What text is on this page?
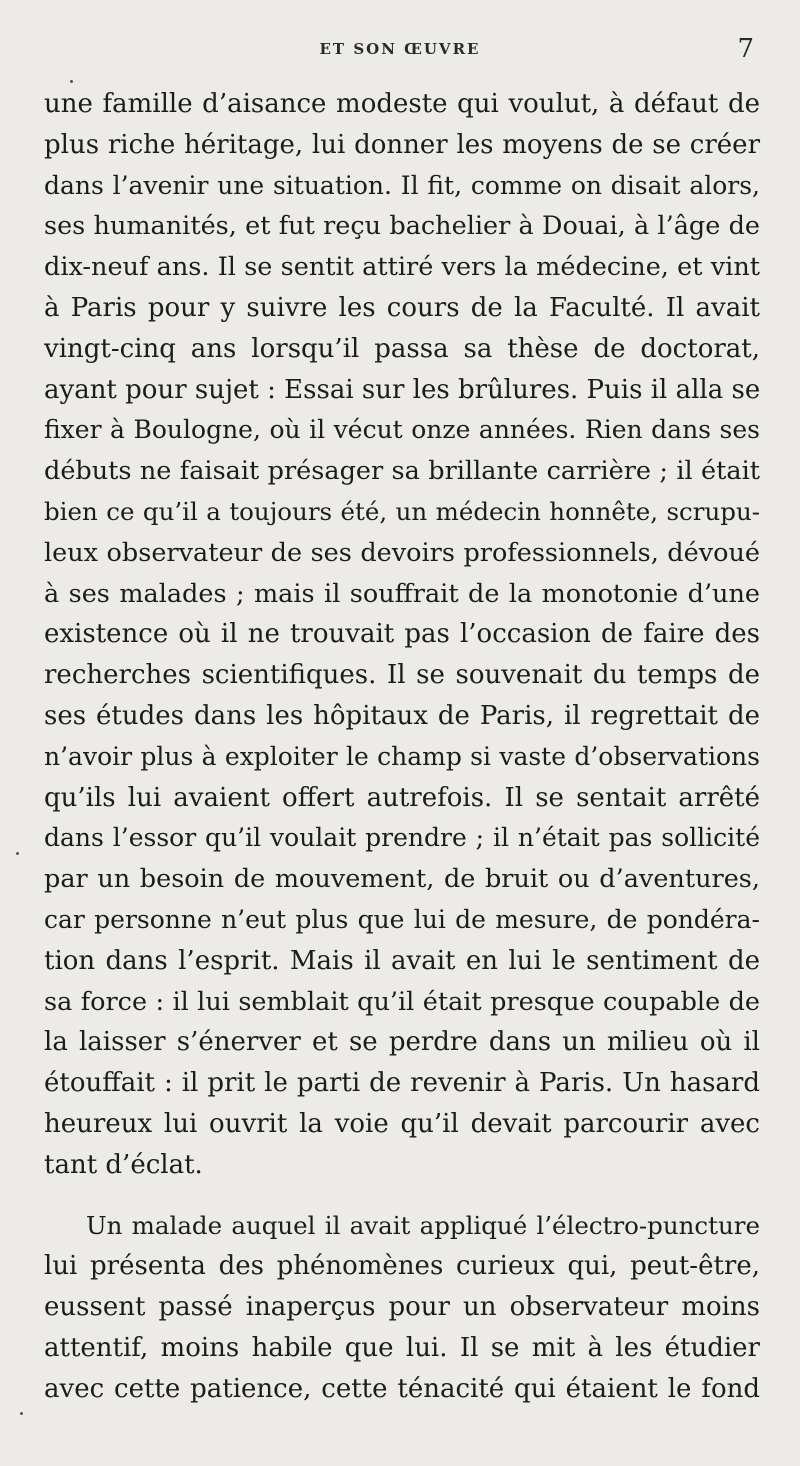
ET SON ŒUVRE	7
une famille d’aisance modeste qui voulut, à défaut de
plus riche héritage, lui donner les moyens de se créer
dans l’avenir une situation. Il fit, comme on disait alors,
ses humanités, et fut reçu bachelier à Douai, à l’âge de
dix-neuf ans. Il se sentit attiré vers la médecine, et vint
à Paris pour y suivre les cours de la Faculté. Il avait
vingt-cinq ans lorsqu’il passa sa thèse de doctorat,
ayant pour sujet : Essai sur les brûlures. Puis il alla se
fixer à Boulogne, où il vécut onze années. Rien dans ses
débuts ne faisait présager sa brillante carrière ; il était
bien ce qu’il a toujours été, un médecin honnête, scrupu-
leux observateur de ses devoirs professionnels, dévoué
à ses malades ; mais il souffrait de la monotonie d’une
existence où il ne trouvait pas l’occasion de faire des
recherches scientifiques. Il se souvenait du temps de
ses études dans les hôpitaux de Paris, il regrettait de
n’avoir plus à exploiter le champ si vaste d’observations
qu’ils lui avaient offert autrefois. Il se sentait arrêté
dans l’essor qu’il voulait prendre ; il n’était pas sollicité
par un besoin de mouvement, de bruit ou d’aventures,
car personne n’eut plus que lui de mesure, de pondéra-
tion dans l’esprit. Mais il avait en lui le sentiment de
sa force : il lui semblait qu’il était presque coupable de
la laisser s’énerver et se perdre dans un milieu où il
étouffait : il prit le parti de revenir à Paris. Un hasard
heureux lui ouvrit la voie qu’il devait parcourir avec
tant d’éclat.
Un malade auquel il avait appliqué l’électro-puncture
lui présenta des phénomènes curieux qui, peut-être,
eussent passé inaperçus pour un observateur moins
attentif, moins habile que lui. Il se mit à les étudier
avec cette patience, cette ténacité qui étaient le fond
